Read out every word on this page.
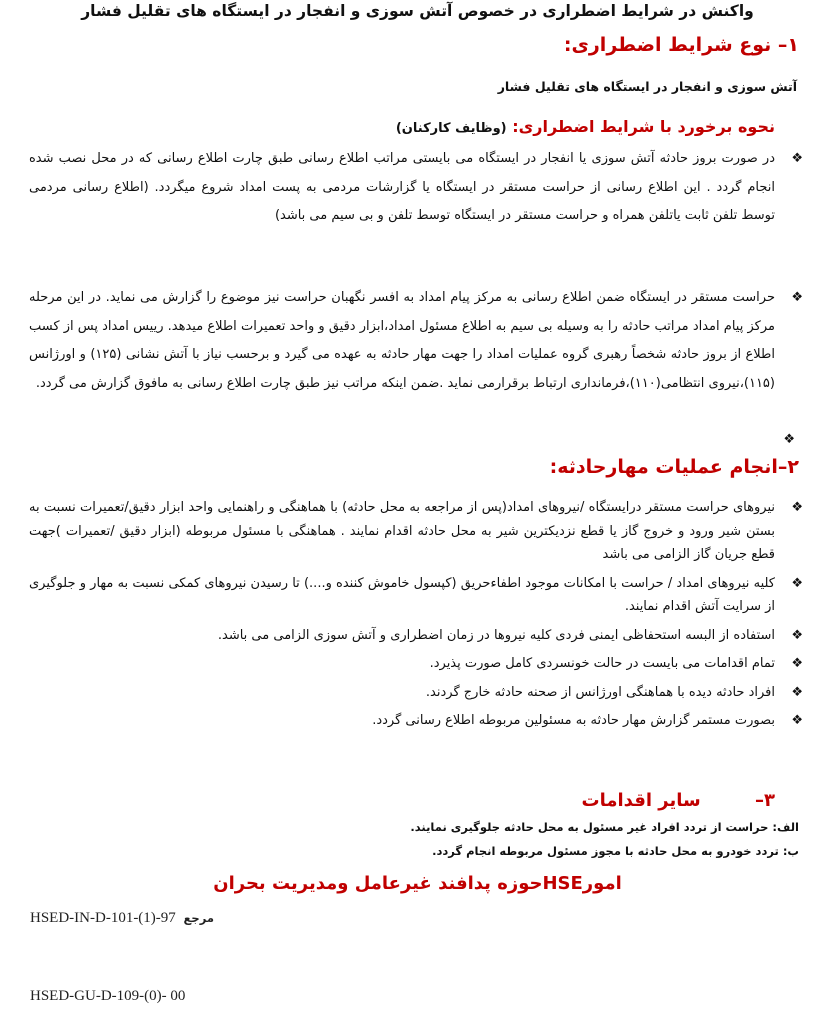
واکنش در شرایط اضطراری در خصوص آتش سوزی و انفجار در ایستگاه های تقلیل فشار
۱– نوع شرایط اضطراری:
آتش سوزی و انفجار در ایستگاه های تقلیل فشار
نحوه برخورد با شرایط اضطراری: (وظایف کارکنان)
❖
در صورت بروز حادثه آتش سوزی یا انفجار در ایستگاه می بایستی مراتب اطلاع رسانی طبق چارت اطلاع رسانی که در محل نصب شده انجام گردد . این اطلاع رسانی از حراست مستقر در ایستگاه یا گزارشات مردمی به پست امداد شروع میگردد. (اطلاع رسانی مردمی توسط تلفن ثابت یاتلفن همراه و حراست مستقر در ایستگاه توسط تلفن و بی سیم می باشد)
❖
حراست مستقر در ایستگاه ضمن اطلاع رسانی به مرکز پیام امداد به افسر نگهبان حراست نیز موضوع را گزارش می نماید. در این مرحله مرکز پیام امداد مراتب حادثه را به وسیله بی سیم به اطلاع مسئول امداد،ابزار دقیق و واحد تعمیرات اطلاع میدهد. رییس امداد پس از کسب اطلاع از بروز حادثه شخصاً رهبری گروه عملیات امداد را جهت مهار حادثه به عهده می گیرد و برحسب نیاز با آتش نشانی (۱۲۵) و اورژانس (۱۱۵)،نیروی انتظامی(۱۱۰)،فرمانداری ارتباط برقرارمی نماید .ضمن اینکه مراتب نیز طبق چارت اطلاع رسانی به مافوق گزارش می گردد.
❖
۲–انجام عملیات مهارحادثه:
❖
نیروهای حراست مستقر درایستگاه /نیروهای امداد(پس از مراجعه به محل حادثه) با هماهنگی و راهنمایی واحد ابزار دقیق/تعمیرات نسبت به بستن شیر ورود و خروج گاز یا قطع نزدیکترین شیر به محل حادثه اقدام نمایند . هماهنگی با مسئول مربوطه (ابزار دقیق /تعمیرات )جهت قطع جریان گاز الزامی می باشد
❖
کلیه نیروهای امداد / حراست با امکانات موجود اطفاءحریق (کپسول خاموش کننده و....) تا رسیدن نیروهای کمکی نسبت به مهار و جلوگیری از سرایت آتش اقدام نمایند.
❖
استفاده از البسه استحفاظی ایمنی فردی کلیه نیروها در زمان اضطراری و آتش سوزی الزامی می باشد.
❖
تمام اقدامات می بایست در حالت خونسردی کامل صورت پذیرد.
❖
افراد حادثه دیده با هماهنگی اورژانس از صحنه حادثه خارج گردند.
❖
بصورت مستمر گزارش مهار حادثه به مسئولین مربوطه اطلاع رسانی گردد.
۳– سایر اقدامات
الف: حراست از تردد افراد غیر مسئول به محل حادثه جلوگیری نمایند.
ب: تردد خودرو به محل حادثه با مجوز مسئول مربوطه انجام گردد.
امورHSEحوزه پدافند غیرعامل ومدیریت بحران
HSED-IN-D-101-(1)-97 مرجع
HSED-GU-D-109-(0)- 00
